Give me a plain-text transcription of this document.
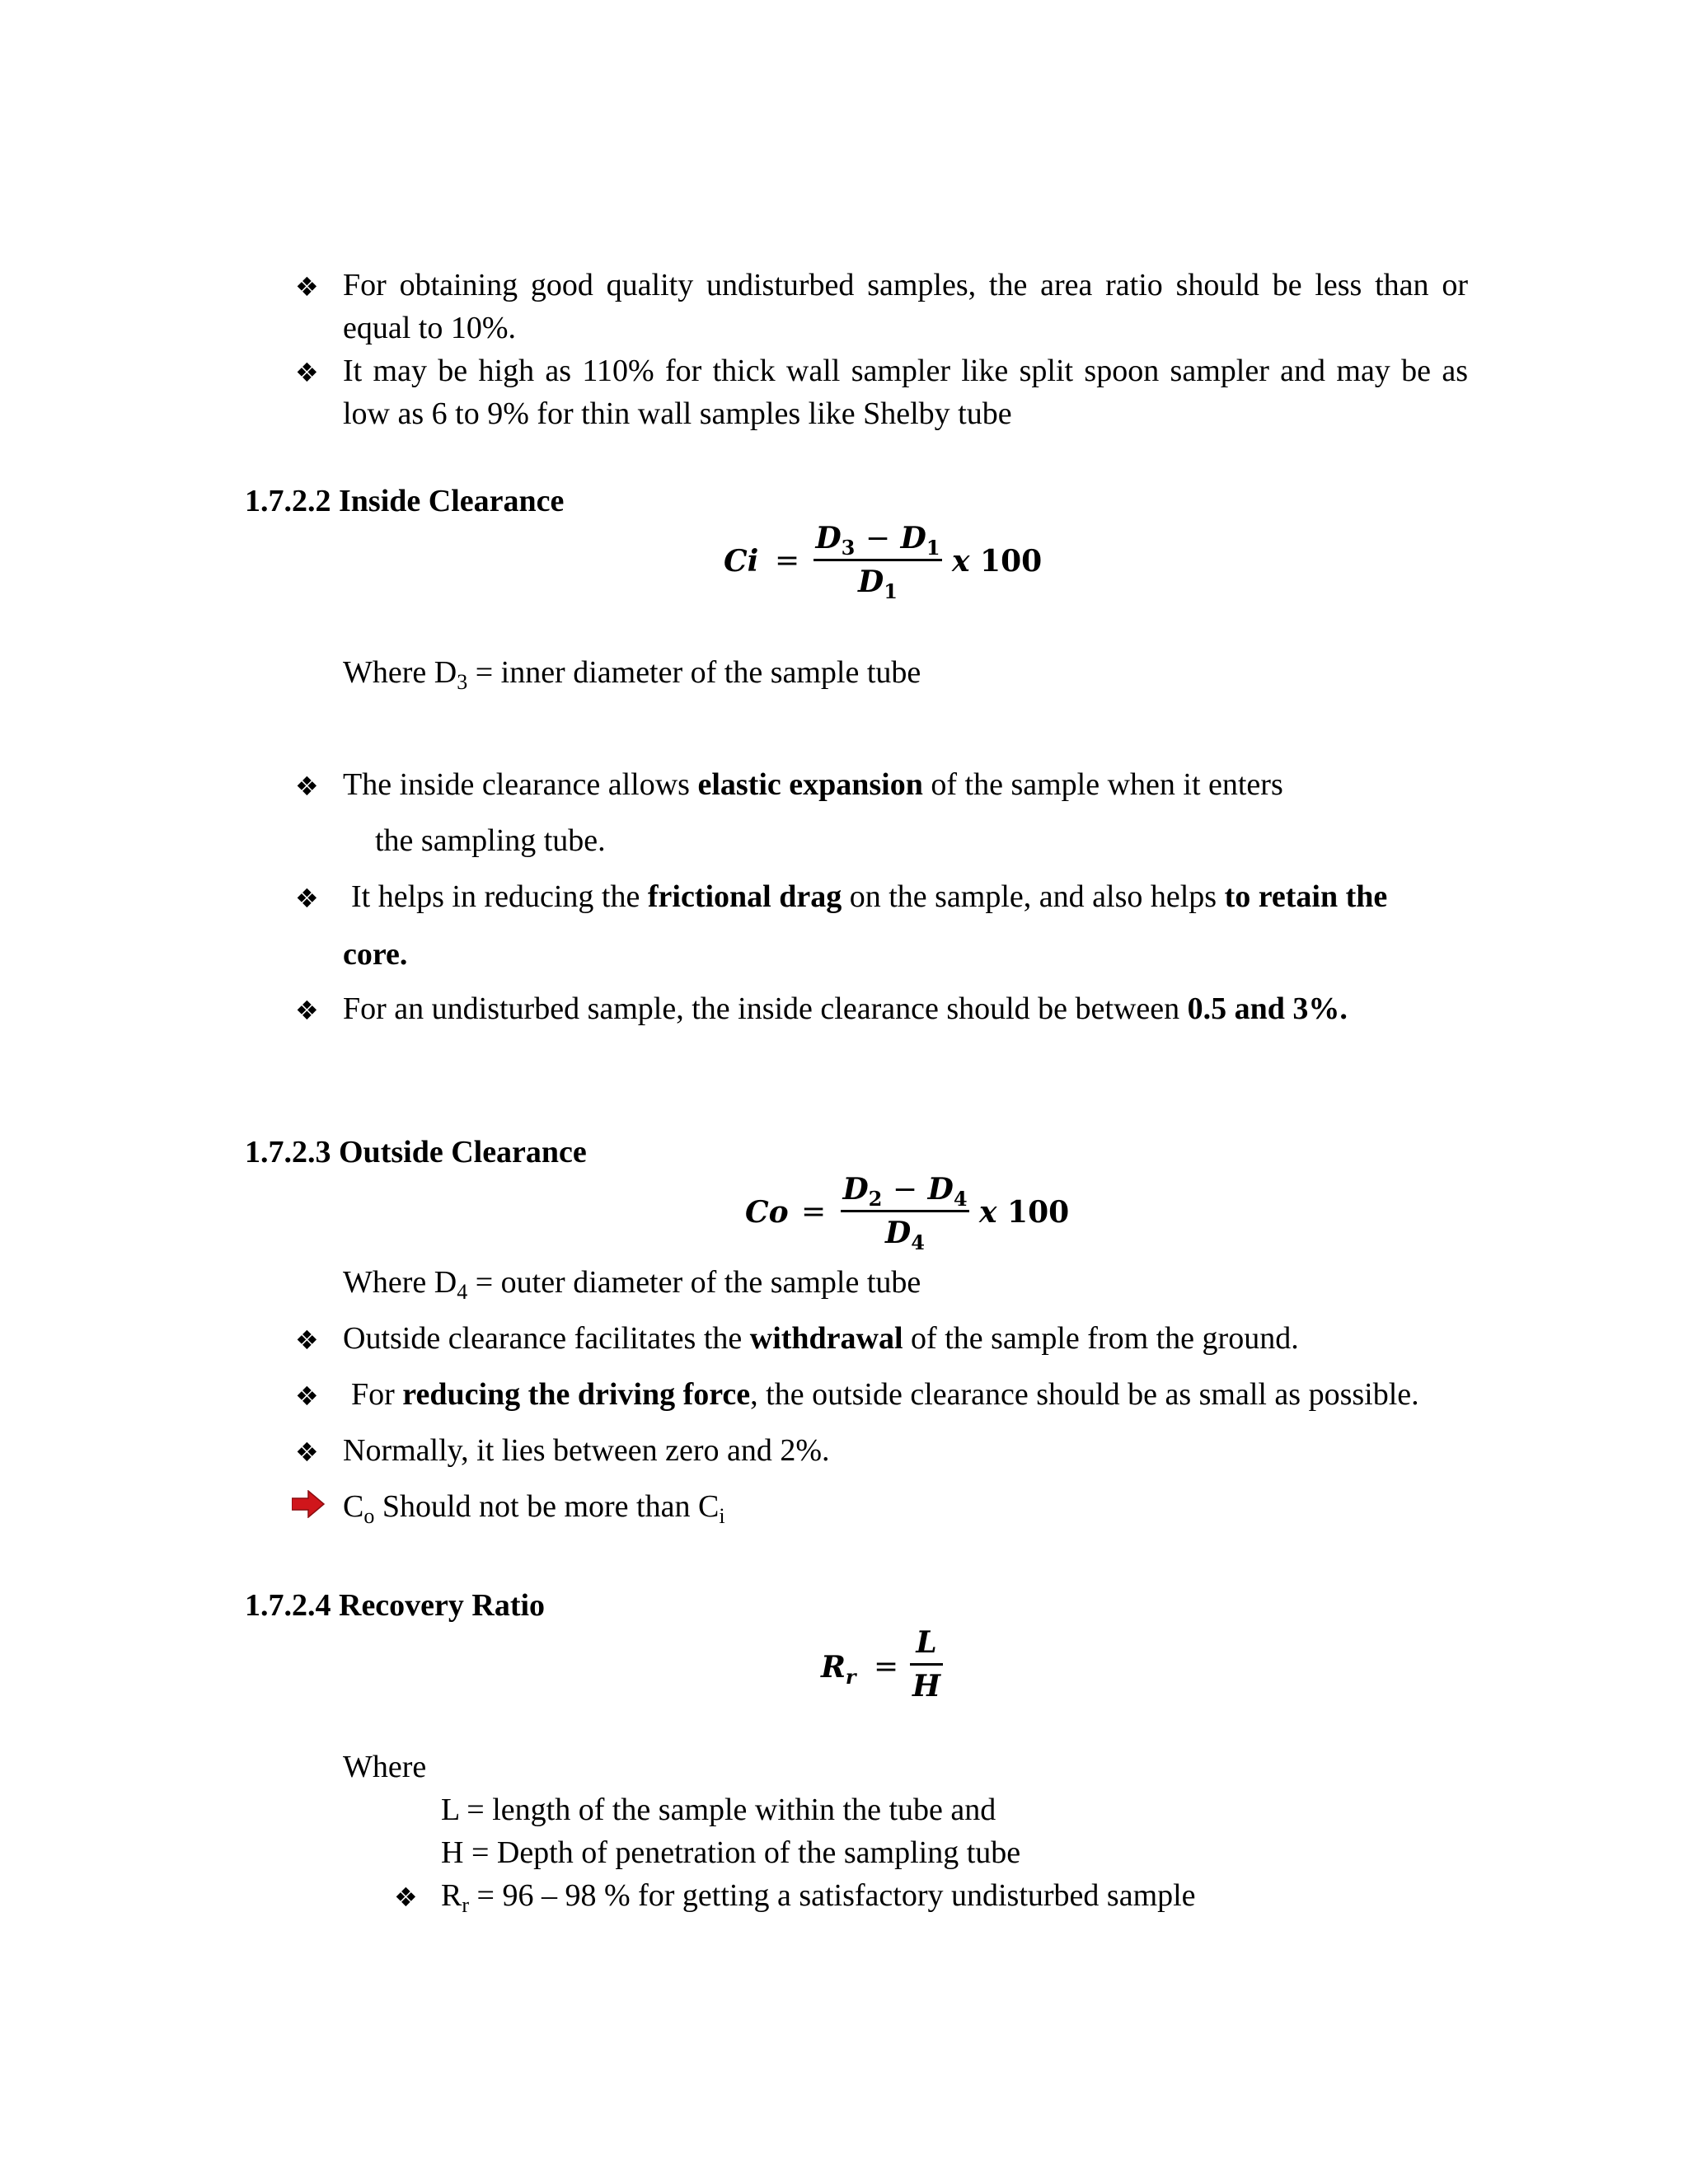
❖ For obtaining good quality undisturbed samples, the area ratio should be less than or equal to 10%.
❖ It may be high as 110% for thick wall sampler like split spoon sampler and may be as low as 6 to 9% for thin wall samples like Shelby tube
1.7.2.2 Inside Clearance
Ci =
$D_3 - D_1$
$D_1$
x 100
Where $D_3$ = inner diameter of the sample tube
❖ The inside clearance allows elastic expansion of the sample when it enters
the sampling tube.
❖ It helps in reducing the frictional drag on the sample, and also helps to retain the
core.
❖ For an undisturbed sample, the inside clearance should be between 0.5 and 3%.
1.7.2.3 Outside Clearance
Co =
$D_2 - D_4$
$D_4$
x 100
Where $D_4$ = outer diameter of the sample tube
❖ Outside clearance facilitates the withdrawal of the sample from the ground.
❖ For reducing the driving force, the outside clearance should be as small as possible.
❖ Normally, it lies between zero and 2%.
$C_o$ Should not be more than $C_i$
1.7.2.4 Recovery Ratio
$R_r$ =
L
H
Where
L = length of the sample within the tube and
H = Depth of penetration of the sampling tube
❖ $R_r = 96 - 98$ % for getting a satisfactory undisturbed sample
